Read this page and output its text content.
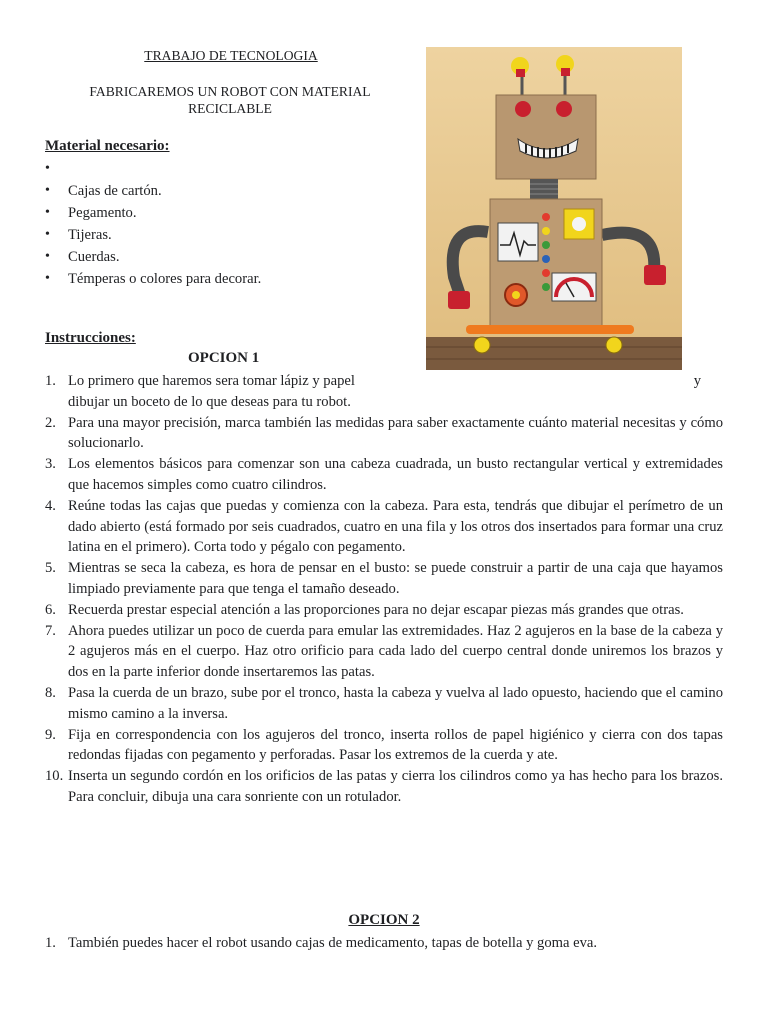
TRABAJO DE TECNOLOGIA
FABRICAREMOS UN ROBOT CON MATERIAL
RECICLABLE
Material necesario:
•
• Cajas de cartón.
• Pegamento.
• Tijeras.
• Cuerdas.
• Témperas o colores para decorar.
Instrucciones:
OPCION 1
1. Lo primero que haremos sera tomar lápiz y papel	y
dibujar un boceto de lo que deseas para tu robot.
2. Para una mayor precisión, marca también las medidas para saber exactamente cuánto material necesitas y cómo solucionarlo.
3. Los elementos básicos para comenzar son una cabeza cuadrada, un busto rectangular vertical y extremidades que hacemos simples como cuatro cilindros.
4. Reúne todas las cajas que puedas y comienza con la cabeza. Para esta, tendrás que dibujar el perímetro de un dado abierto (está formado por seis cuadrados, cuatro en una fila y los otros dos insertados para formar una cruz latina en el primero). Corta todo y pégalo con pegamento.
5. Mientras se seca la cabeza, es hora de pensar en el busto: se puede construir a partir de una caja que hayamos limpiado previamente para que tenga el tamaño deseado.
6. Recuerda prestar especial atención a las proporciones para no dejar escapar piezas más grandes que otras.
7. Ahora puedes utilizar un poco de cuerda para emular las extremidades. Haz 2 agujeros en la base de la cabeza y 2 agujeros más en el cuerpo. Haz otro orificio para cada lado del cuerpo central donde uniremos los brazos y dos en la parte inferior donde insertaremos las patas.
8. Pasa la cuerda de un brazo, sube por el tronco, hasta la cabeza y vuelva al lado opuesto, haciendo que el camino mismo camino a la inversa.
9. Fija en correspondencia con los agujeros del tronco, inserta rollos de papel higiénico y cierra con dos tapas redondas fijadas con pegamento y perforadas. Pasar los extremos de la cuerda y ate.
10. Inserta un segundo cordón en los orificios de las patas y cierra los cilindros como ya has hecho para los brazos. Para concluir, dibuja una cara sonriente con un rotulador.
OPCION 2
1. También puedes hacer el robot usando cajas de medicamento, tapas de botella y goma eva.
